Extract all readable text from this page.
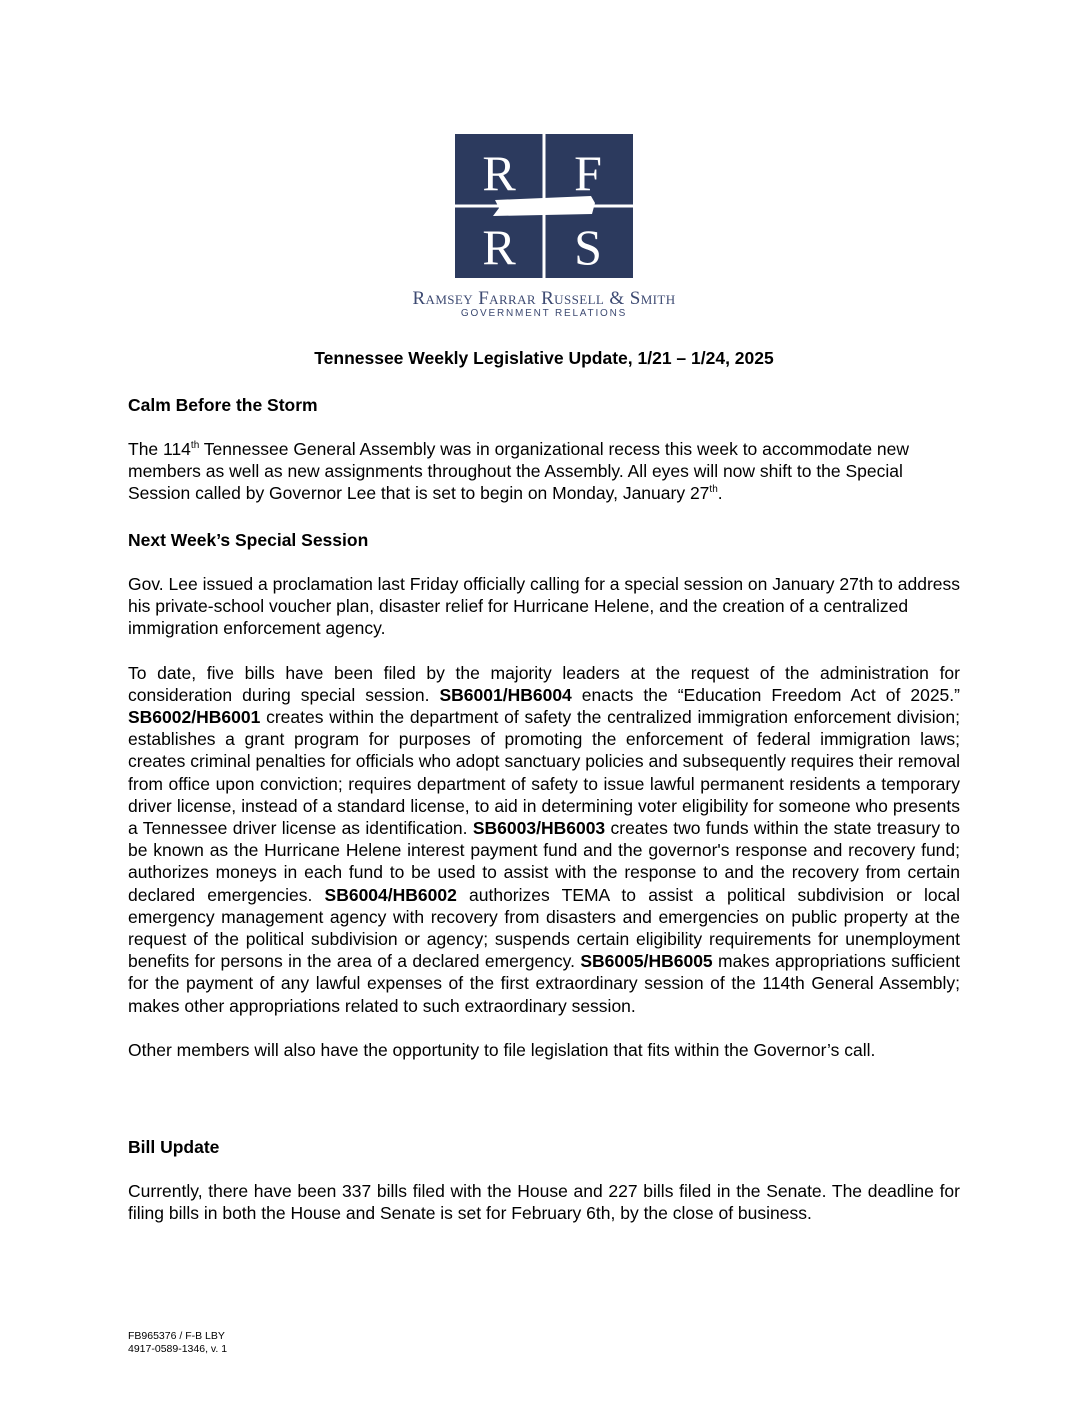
R F
R S
Ramsey Farrar Russell & Smith
GOVERNMENT RELATIONS
Tennessee Weekly Legislative Update, 1/21 – 1/24, 2025
Calm Before the Storm

The 114th Tennessee General Assembly was in organizational recess this week to accommodate new members as well as new assignments throughout the Assembly. All eyes will now shift to the Special Session called by Governor Lee that is set to begin on Monday, January 27th.

Next Week’s Special Session

Gov. Lee issued a proclamation last Friday officially calling for a special session on January 27th to address his private-school voucher plan, disaster relief for Hurricane Helene, and the creation of a centralized immigration enforcement agency.

To date, five bills have been filed by the majority leaders at the request of the administration for consideration during special session. SB6001/HB6004 enacts the “Education Freedom Act of 2025.” SB6002/HB6001 creates within the department of safety the centralized immigration enforcement division; establishes a grant program for purposes of promoting the enforcement of federal immigration laws; creates criminal penalties for officials who adopt sanctuary policies and subsequently requires their removal from office upon conviction; requires department of safety to issue lawful permanent residents a temporary driver license, instead of a standard license, to aid in determining voter eligibility for someone who presents a Tennessee driver license as identification. SB6003/HB6003 creates two funds within the state treasury to be known as the Hurricane Helene interest payment fund and the governor's response and recovery fund; authorizes moneys in each fund to be used to assist with the response to and the recovery from certain declared emergencies. SB6004/HB6002 authorizes TEMA to assist a political subdivision or local emergency management agency with recovery from disasters and emergencies on public property at the request of the political subdivision or agency; suspends certain eligibility requirements for unemployment benefits for persons in the area of a declared emergency. SB6005/HB6005 makes appropriations sufficient for the payment of any lawful expenses of the first extraordinary session of the 114th General Assembly; makes other appropriations related to such extraordinary session.

Other members will also have the opportunity to file legislation that fits within the Governor’s call.

Bill Update

Currently, there have been 337 bills filed with the House and 227 bills filed in the Senate. The deadline for filing bills in both the House and Senate is set for February 6th, by the close of business.

FB965376 / F-B LBY
4917-0589-1346, v. 1
